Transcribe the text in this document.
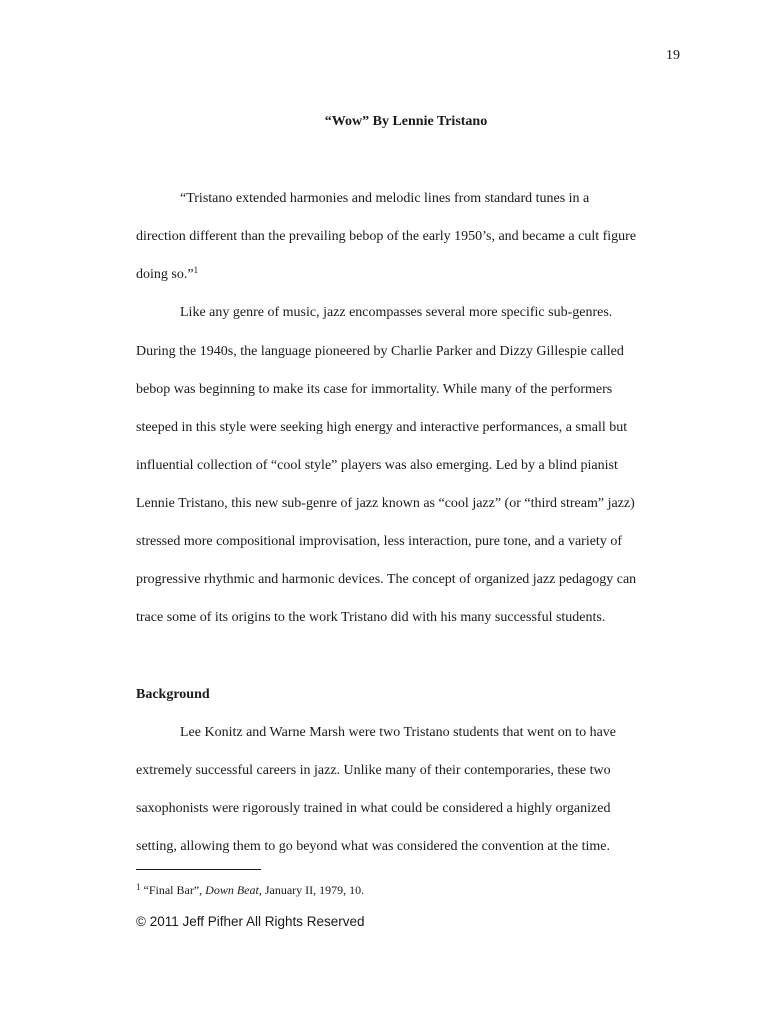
19
“Wow” By Lennie Tristano
“Tristano extended harmonies and melodic lines from standard tunes in a
direction different than the prevailing bebop of the early 1950’s, and became a cult figure
doing so.”$^1$
Like any genre of music, jazz encompasses several more specific sub-genres.
During the 1940s, the language pioneered by Charlie Parker and Dizzy Gillespie called
bebop was beginning to make its case for immortality. While many of the performers
steeped in this style were seeking high energy and interactive performances, a small but
influential collection of “cool style” players was also emerging. Led by a blind pianist
Lennie Tristano, this new sub-genre of jazz known as “cool jazz” (or “third stream” jazz)
stressed more compositional improvisation, less interaction, pure tone, and a variety of
progressive rhythmic and harmonic devices. The concept of organized jazz pedagogy can
trace some of its origins to the work Tristano did with his many successful students.
Background
Lee Konitz and Warne Marsh were two Tristano students that went on to have
extremely successful careers in jazz. Unlike many of their contemporaries, these two
saxophonists were rigorously trained in what could be considered a highly organized
setting, allowing them to go beyond what was considered the convention at the time.
$^1$ “Final Bar”, Down Beat, January II, 1979, 10.
© 2011 Jeff Pifher All Rights Reserved
